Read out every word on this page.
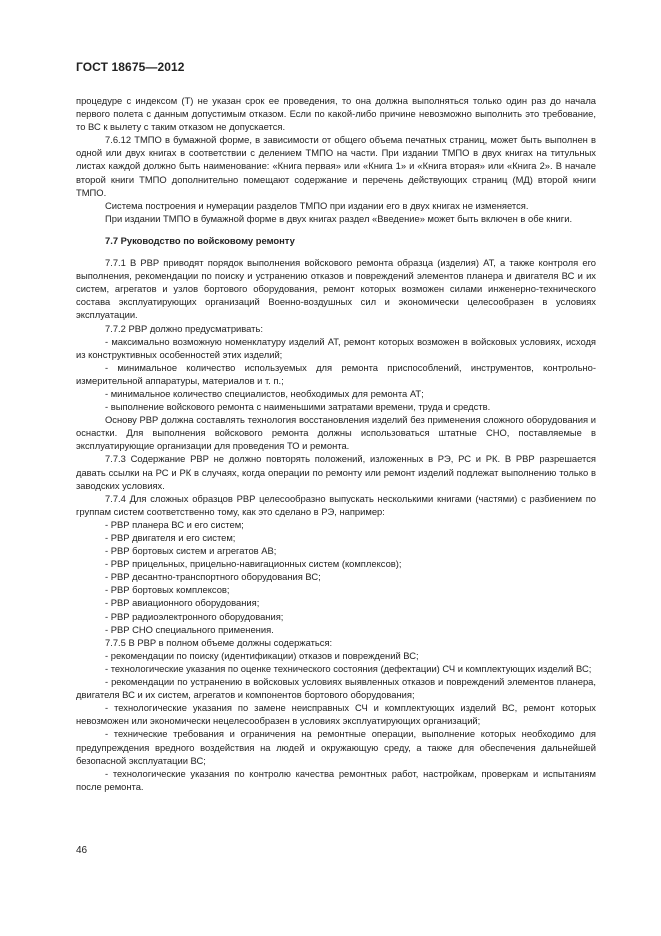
ГОСТ 18675—2012

процедуре с индексом (Т) не указан срок ее проведения, то она должна выполняться только один раз до начала первого полета с данным допустимым отказом. Если по какой-либо причине невозможно выполнить это требование, то ВС к вылету с таким отказом не допускается.

7.6.12 ТМПО в бумажной форме, в зависимости от общего объема печатных страниц, может быть выполнен в одной или двух книгах в соответствии с делением ТМПО на части. При издании ТМПО в двух книгах на титульных листах каждой должно быть наименование: «Книга первая» или «Книга 1» и «Книга вторая» или «Книга 2». В начале второй книги ТМПО дополнительно помещают содержание и перечень действующих страниц (МД) второй книги ТМПО.

Система построения и нумерации разделов ТМПО при издании его в двух книгах не изменяется.

При издании ТМПО в бумажной форме в двух книгах раздел «Введение» может быть включен в обе книги.

7.7 Руководство по войсковому ремонту

7.7.1 В РВР приводят порядок выполнения войскового ремонта образца (изделия) АТ, а также контроля его выполнения, рекомендации по поиску и устранению отказов и повреждений элементов планера и двигателя ВС и их систем, агрегатов и узлов бортового оборудования, ремонт которых возможен силами инженерно-технического состава эксплуатирующих организаций Военно-воздушных сил и экономически целесообразен в условиях эксплуатации.

7.7.2 РВР должно предусматривать:

- максимально возможную номенклатуру изделий АТ, ремонт которых возможен в войсковых условиях, исходя из конструктивных особенностей этих изделий;

- минимальное количество используемых для ремонта приспособлений, инструментов, контрольно-измерительной аппаратуры, материалов и т. п.;

- минимальное количество специалистов, необходимых для ремонта АТ;

- выполнение войскового ремонта с наименьшими затратами времени, труда и средств.

Основу РВР должна составлять технология восстановления изделий без применения сложного оборудования и оснастки. Для выполнения войскового ремонта должны использоваться штатные СНО, поставляемые в эксплуатирующие организации для проведения ТО и ремонта.

7.7.3 Содержание РВР не должно повторять положений, изложенных в РЭ, РС и РК. В РВР разрешается давать ссылки на РС и РК в случаях, когда операции по ремонту или ремонт изделий подлежат выполнению только в заводских условиях.

7.7.4 Для сложных образцов РВР целесообразно выпускать несколькими книгами (частями) с разбиением по группам систем соответственно тому, как это сделано в РЭ, например:

- РВР планера ВС и его систем;

- РВР двигателя и его систем;

- РВР бортовых систем и агрегатов АВ;

- РВР прицельных, прицельно-навигационных систем (комплексов);

- РВР десантно-транспортного оборудования ВС;

- РВР бортовых комплексов;

- РВР авиационного оборудования;

- РВР радиоэлектронного оборудования;

- РВР СНО специального применения.

7.7.5 В РВР в полном объеме должны содержаться:

- рекомендации по поиску (идентификации) отказов и повреждений ВС;

- технологические указания по оценке технического состояния (дефектации) СЧ и комплектующих изделий ВС;

- рекомендации по устранению в войсковых условиях выявленных отказов и повреждений элементов планера, двигателя ВС и их систем, агрегатов и компонентов бортового оборудования;

- технологические указания по замене неисправных СЧ и комплектующих изделий ВС, ремонт которых невозможен или экономически нецелесообразен в условиях эксплуатирующих организаций;

- технические требования и ограничения на ремонтные операции, выполнение которых необходимо для предупреждения вредного воздействия на людей и окружающую среду, а также для обеспечения дальнейшей безопасной эксплуатации ВС;

- технологические указания по контролю качества ремонтных работ, настройкам, проверкам и испытаниям после ремонта.

46
